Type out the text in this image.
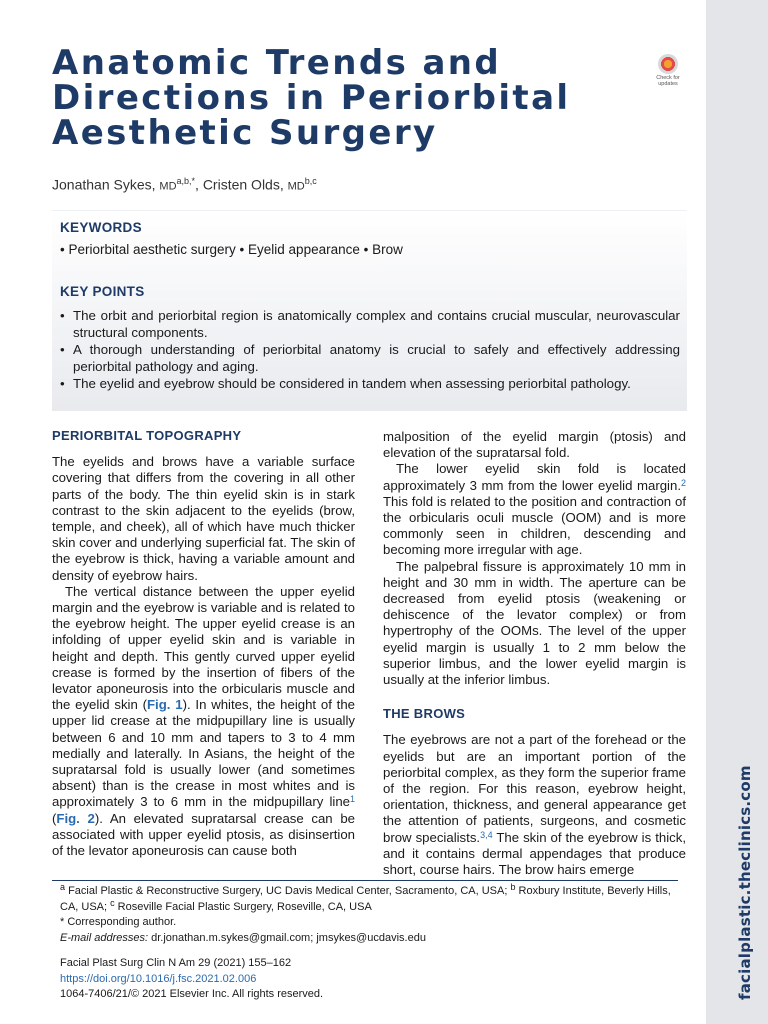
facialplastic.theclinics.com
Anatomic Trends and
Directions in Periorbital
Aesthetic Surgery
Check for
updates
Jonathan Sykes, $MD^{a,b,*}$, Cristen Olds, MD$^{b,c}$
KEYWORDS
• Periorbital aesthetic surgery • Eyelid appearance • Brow
KEY POINTS
• The orbit and periorbital region is anatomically complex and contains crucial muscular, neurovascular structural components.
• A thorough understanding of periorbital anatomy is crucial to safely and effectively addressing periorbital pathology and aging.
• The eyelid and eyebrow should be considered in tandem when assessing periorbital pathology.
PERIORBITAL TOPOGRAPHY

The eyelids and brows have a variable surface covering that differs from the covering in all other parts of the body. The thin eyelid skin is in stark contrast to the skin adjacent to the eyelids (brow, temple, and cheek), all of which have much thicker skin cover and underlying superficial fat. The skin of the eyebrow is thick, having a variable amount and density of eyebrow hairs.

The vertical distance between the upper eyelid margin and the eyebrow is variable and is related to the eyebrow height. The upper eyelid crease is an infolding of upper eyelid skin and is variable in height and depth. This gently curved upper eyelid crease is formed by the insertion of fibers of the levator aponeurosis into the orbicularis muscle and the eyelid skin (Fig. 1). In whites, the height of the upper lid crease at the midpupillary line is usually between 6 and 10 mm and tapers to 3 to 4 mm medially and laterally. In Asians, the height of the supratarsal fold is usually lower (and sometimes absent) than is the crease in most whites and is approximately 3 to 6 mm in the midpupillary line$^1$ (Fig. 2). An elevated supratarsal crease can be associated with upper eyelid ptosis, as disinsertion of the levator aponeurosis can cause both

malposition of the eyelid margin (ptosis) and elevation of the supratarsal fold.

The lower eyelid skin fold is located approximately 3 mm from the lower eyelid margin.$^2$ This fold is related to the position and contraction of the orbicularis oculi muscle (OOM) and is more commonly seen in children, descending and becoming more irregular with age.

The palpebral fissure is approximately 10 mm in height and 30 mm in width. The aperture can be decreased from eyelid ptosis (weakening or dehiscence of the levator complex) or from hypertrophy of the OOMs. The level of the upper eyelid margin is usually 1 to 2 mm below the superior limbus, and the lower eyelid margin is usually at the inferior limbus.

THE BROWS

The eyebrows are not a part of the forehead or the eyelids but are an important portion of the periorbital complex, as they form the superior frame of the region. For this reason, eyebrow height, orientation, thickness, and general appearance get the attention of patients, surgeons, and cosmetic brow specialists.$^{3,4}$ The skin of the eyebrow is thick, and it contains dermal appendages that produce short, course hairs. The brow hairs emerge

$^a$ Facial Plastic & Reconstructive Surgery, UC Davis Medical Center, Sacramento, CA, USA; $^b$ Roxbury Institute, Beverly Hills, CA, USA; $^c$ Roseville Facial Plastic Surgery, Roseville, CA, USA

* Corresponding author.

E-mail addresses: dr.jonathan.m.sykes@gmail.com; jmsykes@ucdavis.edu

Facial Plast Surg Clin N Am 29 (2021) 155–162

https://doi.org/10.1016/j.fsc.2021.02.006

1064-7406/21/© 2021 Elsevier Inc. All rights reserved.
